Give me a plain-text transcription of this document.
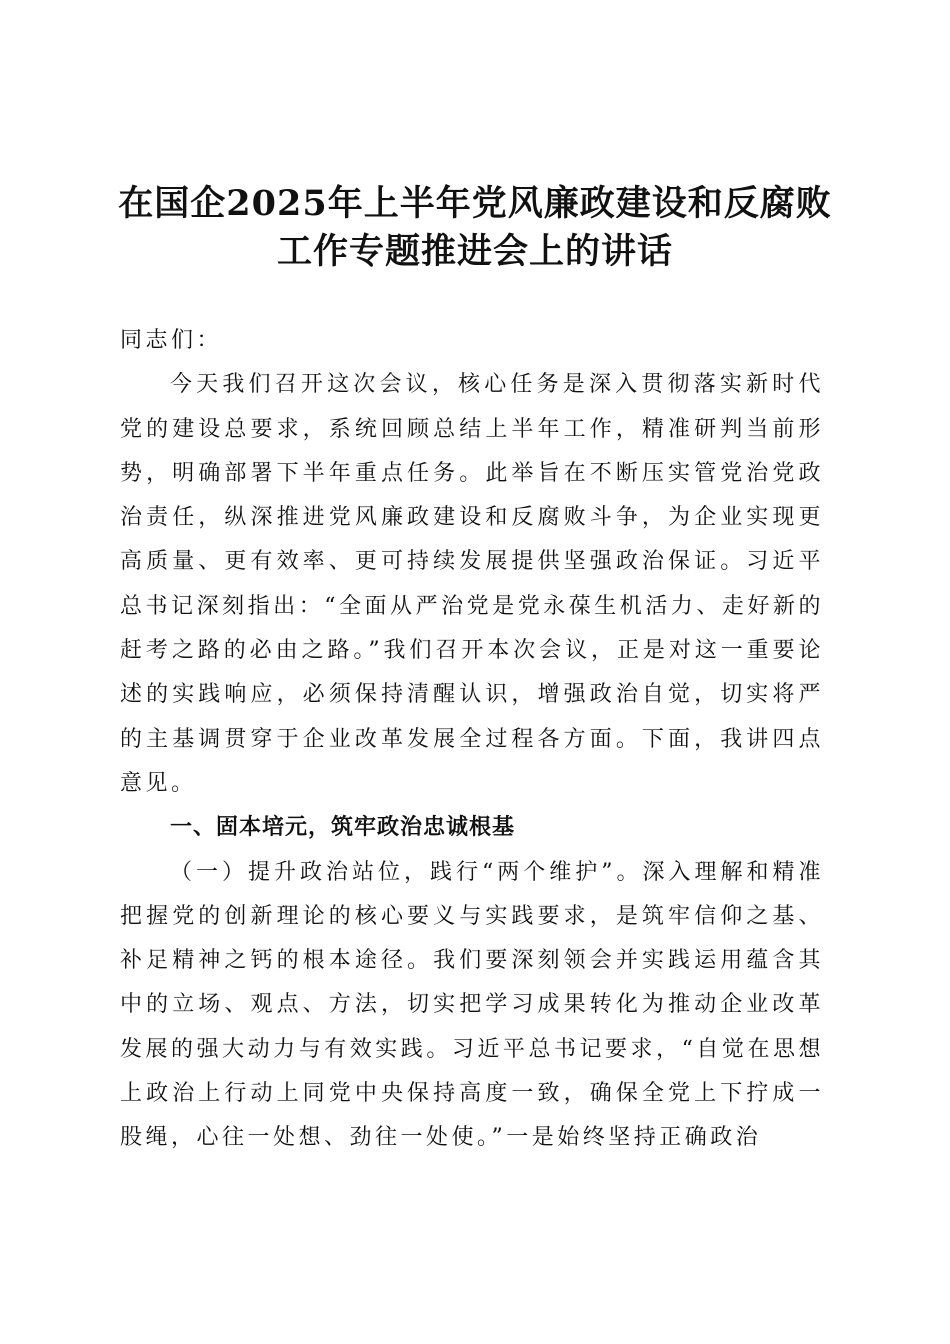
在国企2025年上半年党风廉政建设和反腐败
工作专题推进会上的讲话

同志们：

今天我们召开这次会议，核心任务是深入贯彻落实新时代党的建设总要求，系统回顾总结上半年工作，精准研判当前形势，明确部署下半年重点任务。此举旨在不断压实管党治党政治责任，纵深推进党风廉政建设和反腐败斗争，为企业实现更高质量、更有效率、更可持续发展提供坚强政治保证。习近平总书记深刻指出：“全面从严治党是党永葆生机活力、走好新的赶考之路的必由之路。”我们召开本次会议，正是对这一重要论述的实践响应，必须保持清醒认识，增强政治自觉，切实将严的主基调贯穿于企业改革发展全过程各方面。下面，我讲四点意见。

一、固本培元，筑牢政治忠诚根基

（一）提升政治站位，践行“两个维护”。深入理解和精准把握党的创新理论的核心要义与实践要求，是筑牢信仰之基、补足精神之钙的根本途径。我们要深刻领会并实践运用蕴含其中的立场、观点、方法，切实把学习成果转化为推动企业改革发展的强大动力与有效实践。习近平总书记要求，“自觉在思想上政治上行动上同党中央保持高度一致，确保全党上下拧成一股绳，心往一处想、劲往一处使。”一是始终坚持正确政治
